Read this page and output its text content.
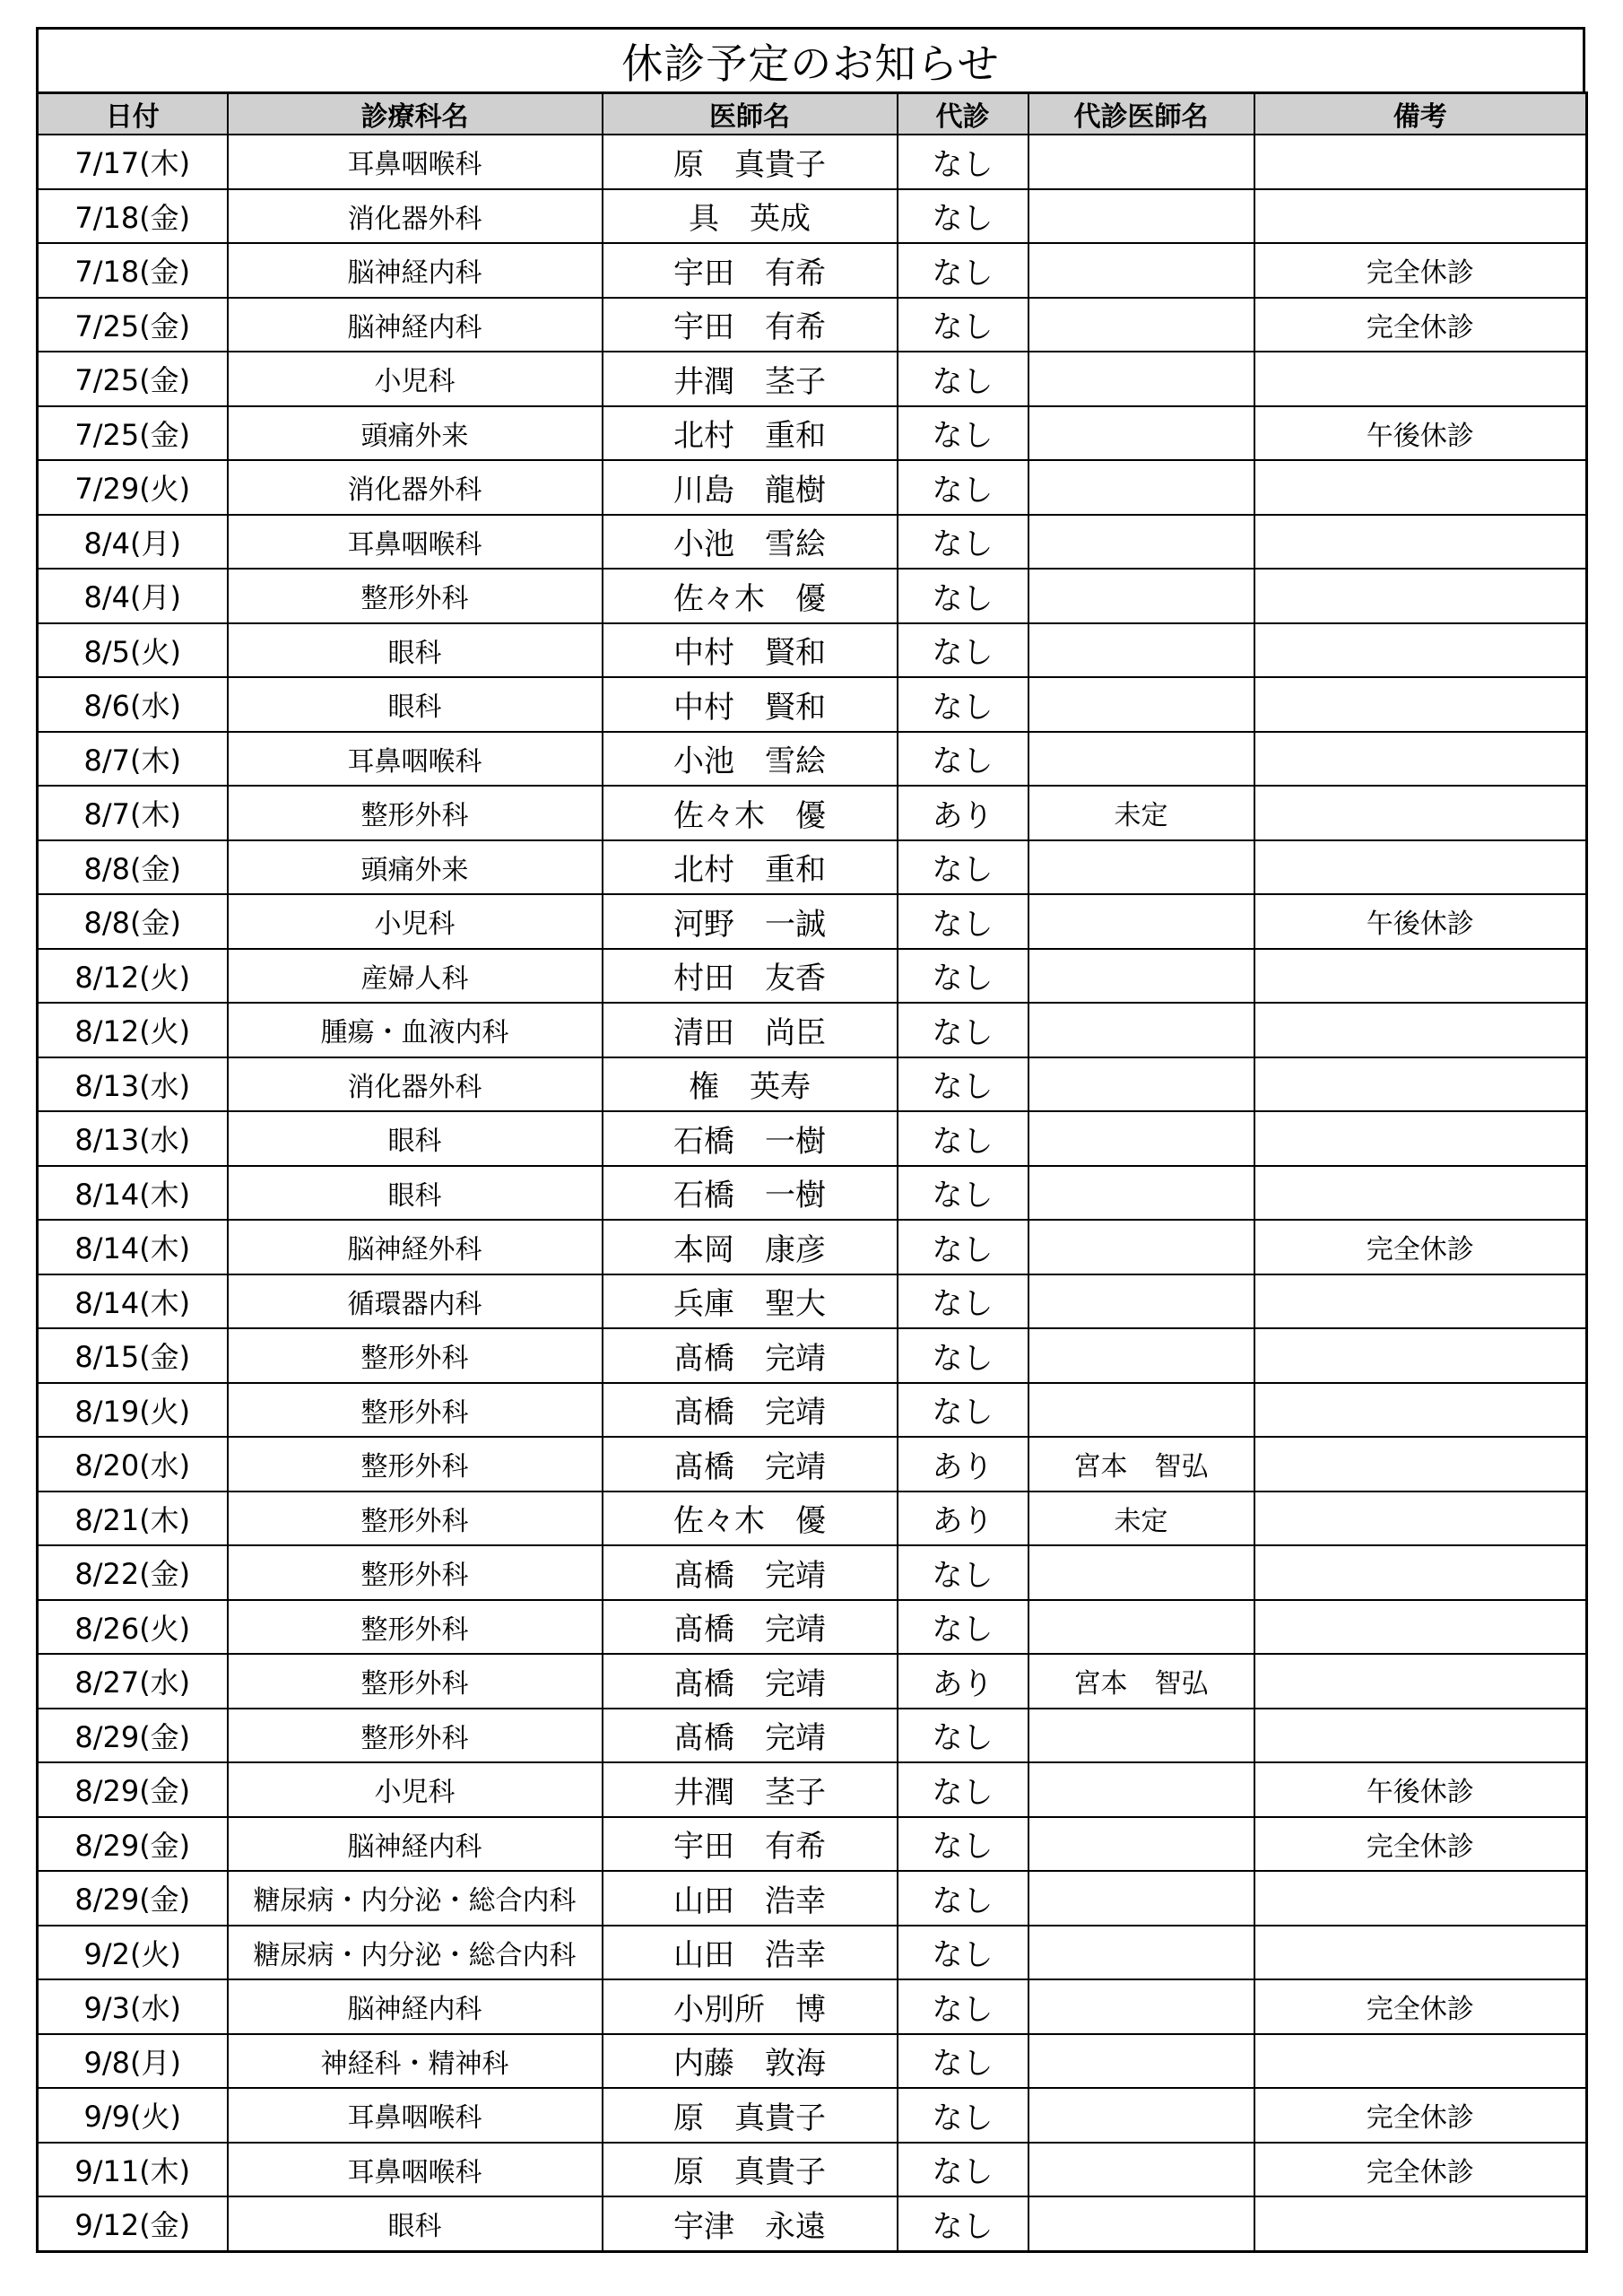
休診予定のお知らせ
日付	診療科名	医師名	代診	代診医師名	備考
7/17(木)	耳鼻咽喉科	原　真貴子	なし		
7/18(金)	消化器外科	具　英成	なし		
7/18(金)	脳神経内科	宇田　有希	なし		完全休診
7/25(金)	脳神経内科	宇田　有希	なし		完全休診
7/25(金)	小児科	井潤　茎子	なし		
7/25(金)	頭痛外来	北村　重和	なし		午後休診
7/29(火)	消化器外科	川島　龍樹	なし		
8/4(月)	耳鼻咽喉科	小池　雪絵	なし		
8/4(月)	整形外科	佐々木　優	なし		
8/5(火)	眼科	中村　賢和	なし		
8/6(水)	眼科	中村　賢和	なし		
8/7(木)	耳鼻咽喉科	小池　雪絵	なし		
8/7(木)	整形外科	佐々木　優	あり	未定	
8/8(金)	頭痛外来	北村　重和	なし		
8/8(金)	小児科	河野　一誠	なし		午後休診
8/12(火)	産婦人科	村田　友香	なし		
8/12(火)	腫瘍・血液内科	清田　尚臣	なし		
8/13(水)	消化器外科	権　英寿	なし		
8/13(水)	眼科	石橋　一樹	なし		
8/14(木)	眼科	石橋　一樹	なし		
8/14(木)	脳神経外科	本岡　康彦	なし		完全休診
8/14(木)	循環器内科	兵庫　聖大	なし		
8/15(金)	整形外科	髙橋　完靖	なし		
8/19(火)	整形外科	髙橋　完靖	なし		
8/20(水)	整形外科	髙橋　完靖	あり	宮本　智弘	
8/21(木)	整形外科	佐々木　優	あり	未定	
8/22(金)	整形外科	髙橋　完靖	なし		
8/26(火)	整形外科	髙橋　完靖	なし		
8/27(水)	整形外科	髙橋　完靖	あり	宮本　智弘	
8/29(金)	整形外科	髙橋　完靖	なし		
8/29(金)	小児科	井潤　茎子	なし		午後休診
8/29(金)	脳神経内科	宇田　有希	なし		完全休診
8/29(金)	糖尿病・内分泌・総合内科	山田　浩幸	なし		
9/2(火)	糖尿病・内分泌・総合内科	山田　浩幸	なし		
9/3(水)	脳神経内科	小別所　博	なし		完全休診
9/8(月)	神経科・精神科	内藤　敦海	なし		
9/9(火)	耳鼻咽喉科	原　真貴子	なし		完全休診
9/11(木)	耳鼻咽喉科	原　真貴子	なし		完全休診
9/12(金)	眼科	宇津　永遠	なし		
